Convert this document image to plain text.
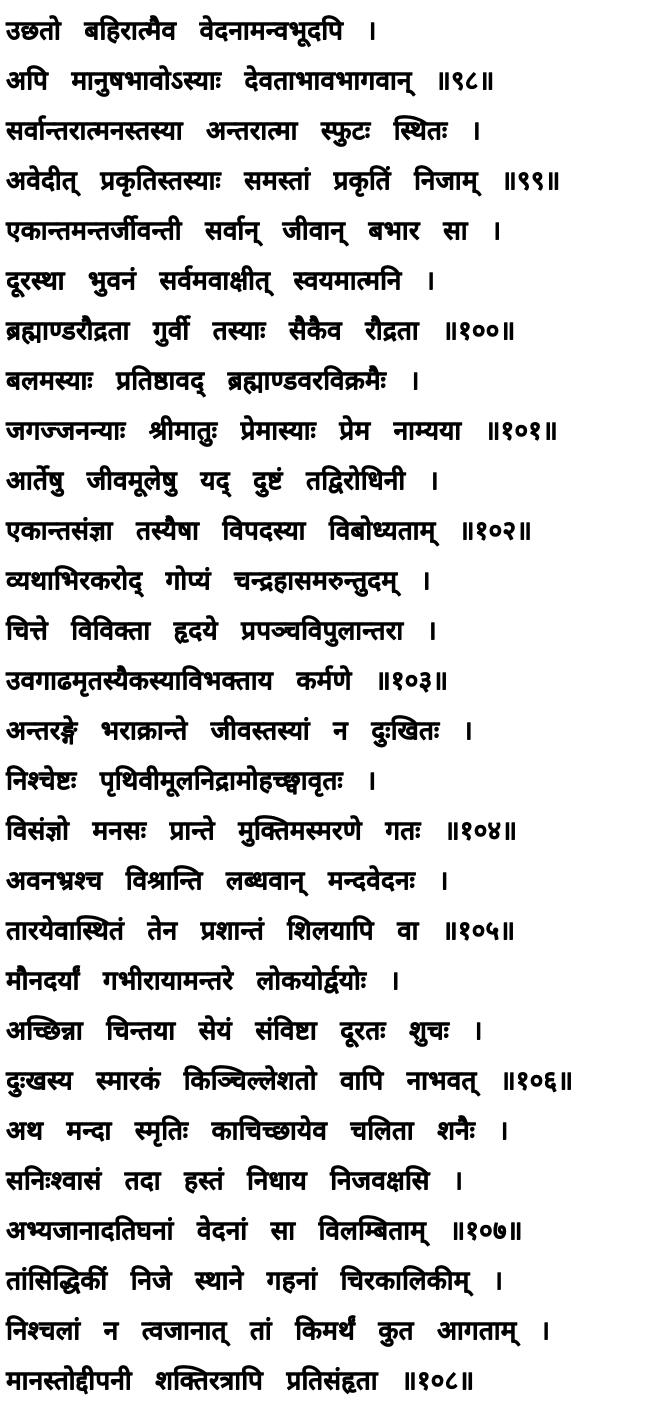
उछतो बहिरात्मैव वेदनामन्वभूदपि ।
अपि मानुषभावोऽस्याः देवताभावभागवान् ॥९८॥
सर्वान्तरात्मनस्तस्या अन्तरात्मा स्फुटः स्थितः ।
अवेदीत् प्रकृतिस्तस्याः समस्तां प्रकृतिं निजाम् ॥९९॥
एकान्तमन्तर्जीवन्ती सर्वान् जीवान् बभार सा ।
दूरस्था भुवनं सर्वमवाक्षीत् स्वयमात्मनि ।
ब्रह्माण्डरौद्रता गुर्वी तस्याः सैकैव रौद्रता ॥१००॥
बलमस्याः प्रतिष्ठावद् ब्रह्माण्डवरविक्रमैः ।
जगज्जनन्याः श्रीमातुः प्रेमास्याः प्रेम नाम्यया ॥१०१॥
आर्तेषु जीवमूलेषु यद् दुष्टं तद्विरोधिनी ।
एकान्तसंज्ञा तस्यैषा विपदस्या विबोध्यताम् ॥१०२॥
व्यथाभिरकरोद् गोप्यं चन्द्रहासमरुन्तुदम् ।
चित्ते विविक्ता हृदये प्रपञ्चविपुलान्तरा ।
उवगाढमृतस्यैकस्याविभक्ताय कर्मणे ॥१०३॥
अन्तरङ्गे भराक्रान्ते जीवस्तस्यां न दुःखितः ।
निश्चेष्टः पृथिवीमूलनिद्रामोहच्छ्वावृतः ।
विसंज्ञो मनसः प्रान्ते मुक्तिमस्मरणे गतः ॥१०४॥
अवनभ्रश्च विश्रान्ति लब्धवान् मन्दवेदनः ।
तारयेवास्थितं तेन प्रशान्तं शिलयापि वा ॥१०५॥
मौनदर्यां गभीरायामन्तरे लोकयोर्द्वयोः ।
अच्छिन्ना चिन्तया सेयं संविष्टा दूरतः शुचः ।
दुःखस्य स्मारकं किञ्चिल्लेशतो वापि नाभवत् ॥१०६॥
अथ मन्दा स्मृतिः काचिच्छायेव चलिता शनैः ।
सनिःश्वासं तदा हस्तं निधाय निजवक्षसि ।
अभ्यजानादतिघनां वेदनां सा विलम्बिताम् ॥१०७॥
तांसिद्धिकीं निजे स्थाने गहनां चिरकालिकीम् ।
निश्चलां न त्वजानात् तां किमर्थं कुत आगताम् ।
मानस्तोद्दीपनी शक्तिरत्रापि प्रतिसंहृता ॥१०८॥
